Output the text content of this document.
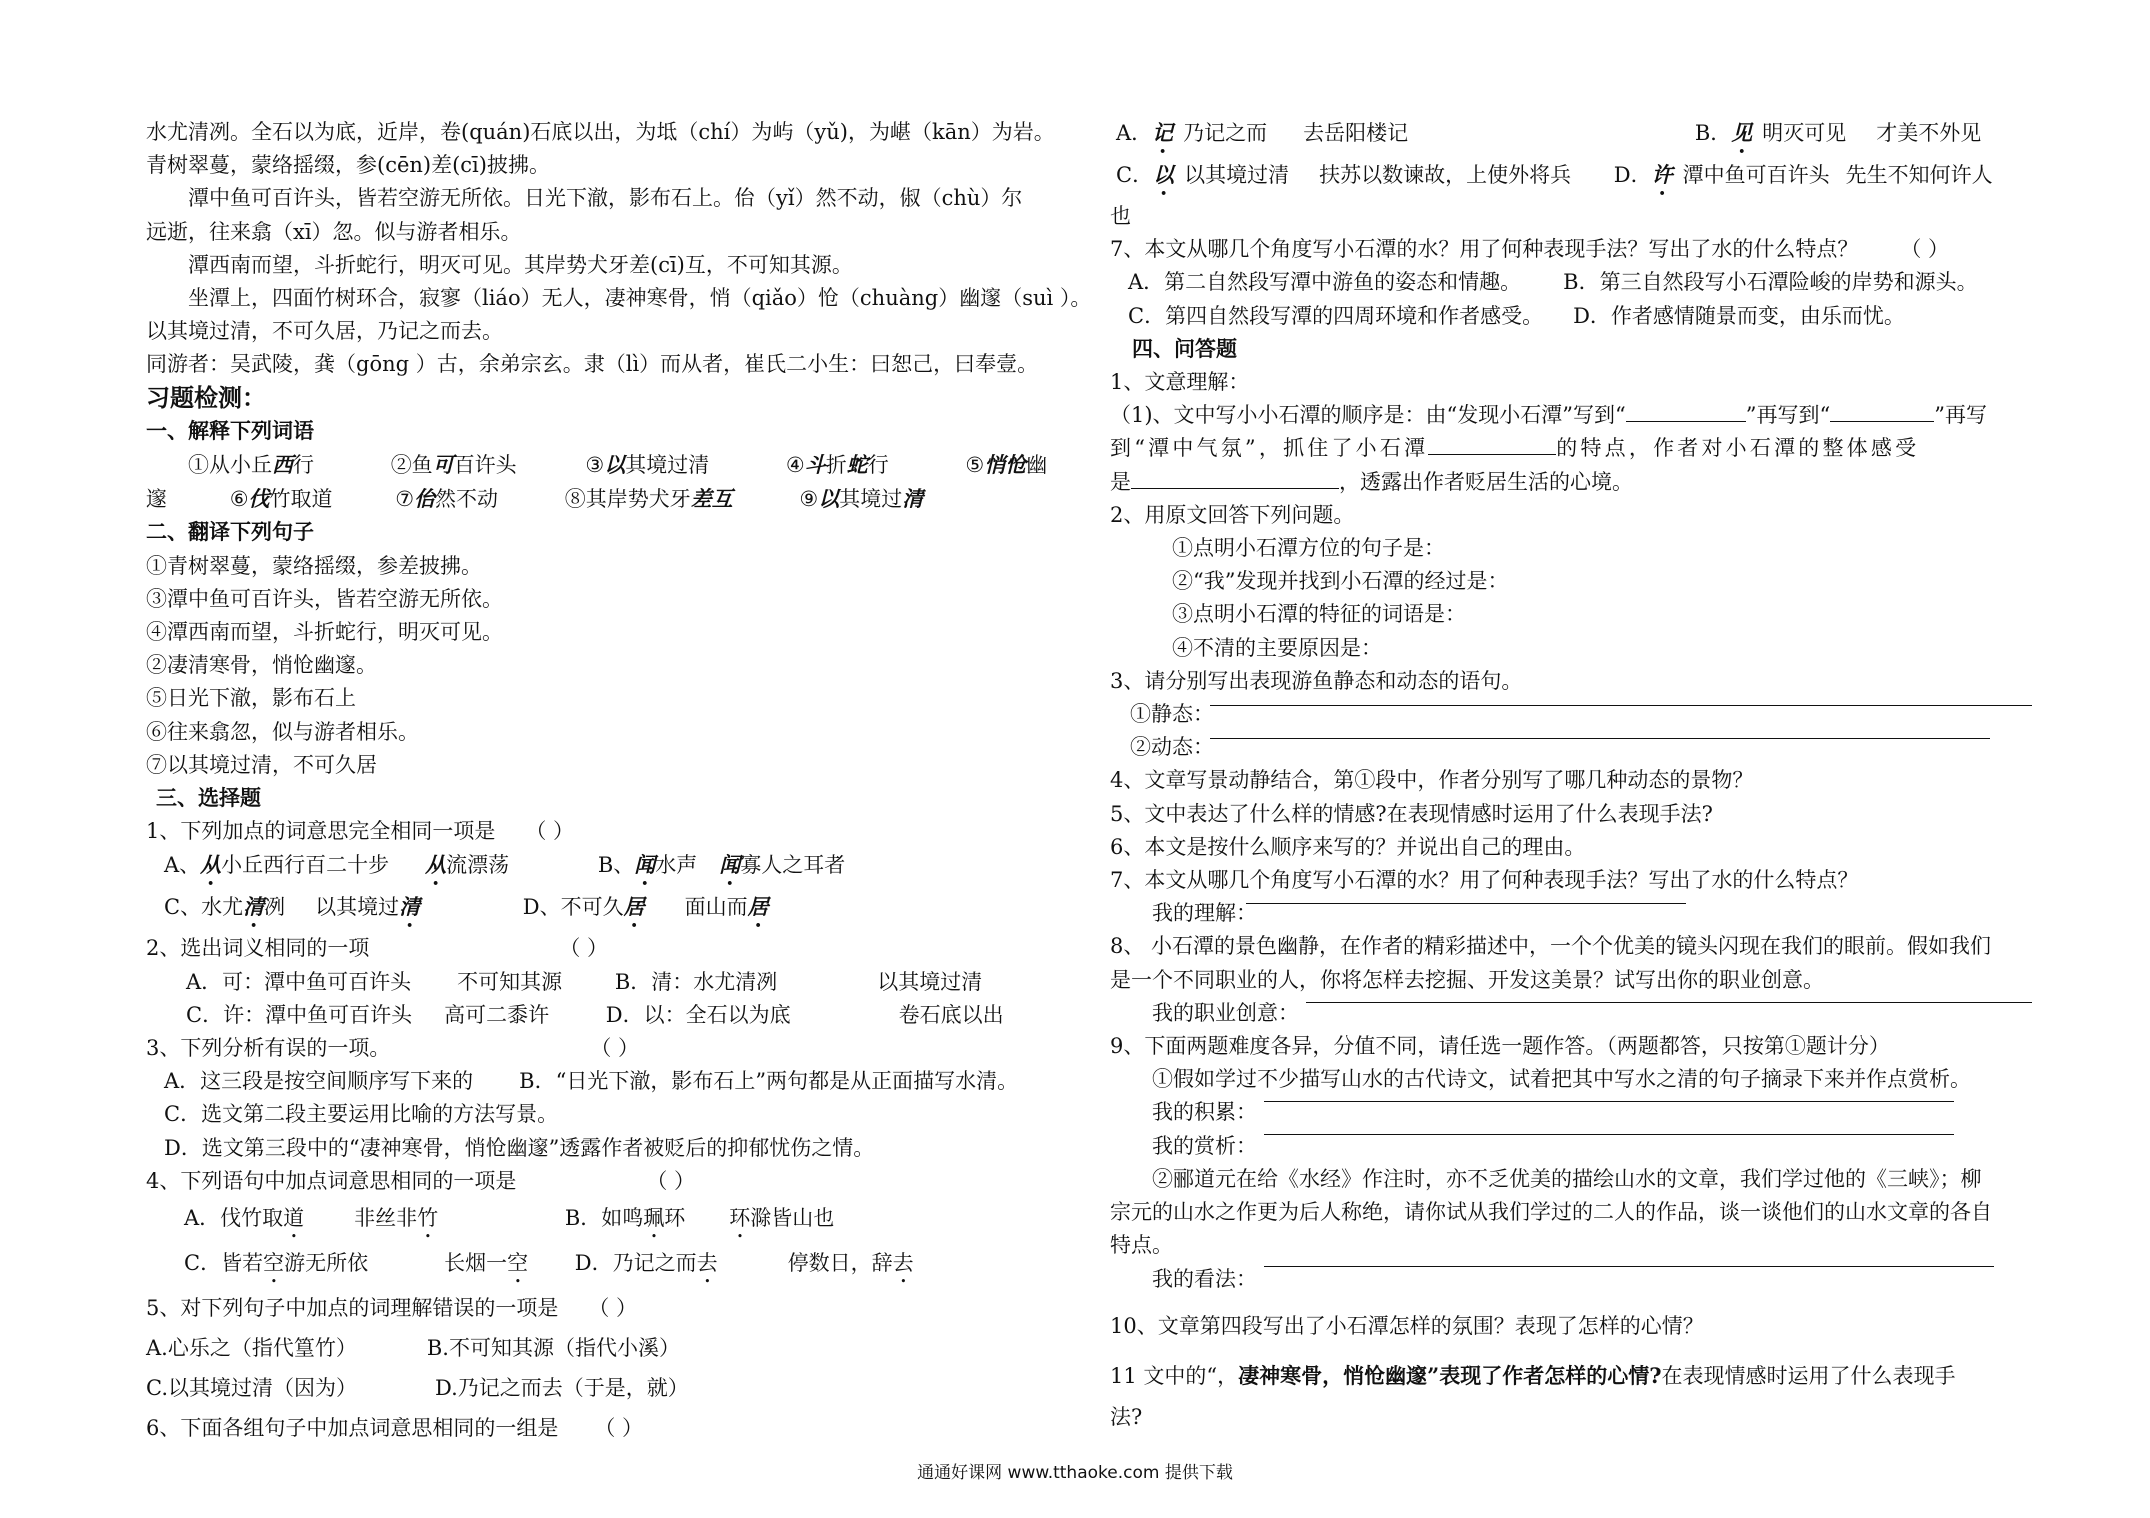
水尤清冽。全石以为底，近岸，卷(quán)石底以出，为坻（chí）为屿（yǔ)，为嵁（kān）为岩。
青树翠蔓，蒙络摇缀，参(cēn)差(cī)披拂。
潭中鱼可百许头，皆若空游无所依。日光下澈，影布石上。佁（yǐ）然不动，俶（chù）尔
远逝，往来翕（xī）忽。似与游者相乐。
潭西南而望，斗折蛇行，明灭可见。其岸势犬牙差(cī)互，不可知其源。
坐潭上，四面竹树环合，寂寥（liáo）无人，凄神寒骨，悄（qiǎo）怆（chuàng）幽邃（suì ）。
以其境过清，不可久居，乃记之而去。
同游者：吴武陵，龚（gōng ）古，余弟宗玄。隶（lì）而从者，崔氏二小生：曰恕己，曰奉壹。
习题检测：
一、解释下列词语
①从小丘西行	②鱼可百许头	③以其境过清	④斗折蛇行	⑤悄怆幽
邃	⑥伐竹取道	⑦佁然不动	⑧其岸势犬牙差互	⑨以其境过清
二、翻译下列句子
①青树翠蔓，蒙络摇缀，参差披拂。
③潭中鱼可百许头，皆若空游无所依。
④潭西南而望，斗折蛇行，明灭可见。
②凄清寒骨，悄怆幽邃。
⑤日光下澈，影布石上
⑥往来翕忽，似与游者相乐。
⑦以其境过清，不可久居
三、选择题
1、下列加点的词意思完全相同一项是 （ ）
A、从小丘西行百二十步 从流漂荡	B、闻水声 闻寡人之耳者
C、水尤清冽 以其境过清	D、不可久居 面山而居
2、选出词义相同的一项	（ ）
A．可：潭中鱼可百许头 不可知其源	B．清：水尤清冽	以其境过清
C．许：潭中鱼可百许头 高可二黍许	D．以：全石以为底	卷石底以出
3、下列分析有误的一项。	（ ）
A．这三段是按空间顺序写下来的 B．“日光下澈，影布石上”两句都是从正面描写水清。
C．选文第二段主要运用比喻的方法写景。
D．选文第三段中的“凄神寒骨，悄怆幽邃”透露作者被贬后的抑郁忧伤之情。
4、下列语句中加点词意思相同的一项是	（ ）
A．伐竹取道 非丝非竹	B．如鸣珮环 环滁皆山也
C．皆若空游无所依	长烟一空 D．乃记之而去	停数日，辞去
5、对下列句子中加点的词理解错误的一项是 （ ）
A.心乐之（指代篁竹）	B.不可知其源（指代小溪）
C.以其境过清（因为）	D.乃记之而去（于是，就）
6、下面各组句子中加点词意思相同的一组是 （ ）
A．记 乃记之而 去岳阳楼记	B．见 明灭可见 才美不外见
C．以 以其境过清 扶苏以数谏故，上使外将兵 D．许 潭中鱼可百许头 先生不知何许人
也
7、本文从哪几个角度写小石潭的水？用了何种表现手法？写出了水的什么特点？ （ ）
A．第二自然段写潭中游鱼的姿态和情趣。 B．第三自然段写小石潭险峻的岸势和源头。
C．第四自然段写潭的四周环境和作者感受。 D．作者感情随景而变，由乐而忧。
四、问答题
1、文意理解：
（1)、文中写小小石潭的顺序是：由“发现小石潭”写到“	”再写到“	”再写
到“潭中气氛”，抓住了小石潭	的特点，作者对小石潭的整体感受
是	，透露出作者贬居生活的心境。
2、用原文回答下列问题。
①点明小石潭方位的句子是：
②“我”发现并找到小石潭的经过是：
③点明小石潭的特征的词语是：
④不清的主要原因是：
3、请分别写出表现游鱼静态和动态的语句。
①静态：
②动态：
4、文章写景动静结合，第①段中，作者分别写了哪几种动态的景物？
5、文中表达了什么样的情感?在表现情感时运用了什么表现手法?
6、本文是按什么顺序来写的？并说出自己的理由。
7、本文从哪几个角度写小石潭的水？用了何种表现手法？写出了水的什么特点？
我的理解：
8、 小石潭的景色幽静，在作者的精彩描述中，一个个优美的镜头闪现在我们的眼前。假如我们
是一个不同职业的人，你将怎样去挖掘、开发这美景？试写出你的职业创意。
我的职业创意：
9、下面两题难度各异，分值不同，请任选一题作答。（两题都答，只按第①题计分）
①假如学过不少描写山水的古代诗文，试着把其中写水之清的句子摘录下来并作点赏析。
我的积累：
我的赏析：
②郦道元在给《水经》作注时，亦不乏优美的描绘山水的文章，我们学过他的《三峡》；柳
宗元的山水之作更为后人称绝，请你试从我们学过的二人的作品，谈一谈他们的山水文章的各自
特点。
我的看法：
10、文章第四段写出了小石潭怎样的氛围？表现了怎样的心情？
11 文中的“，凄神寒骨，悄怆幽邃”表现了作者怎样的心情?在表现情感时运用了什么表现手
法?
通通好课网 www.tthaoke.com 提供下载
